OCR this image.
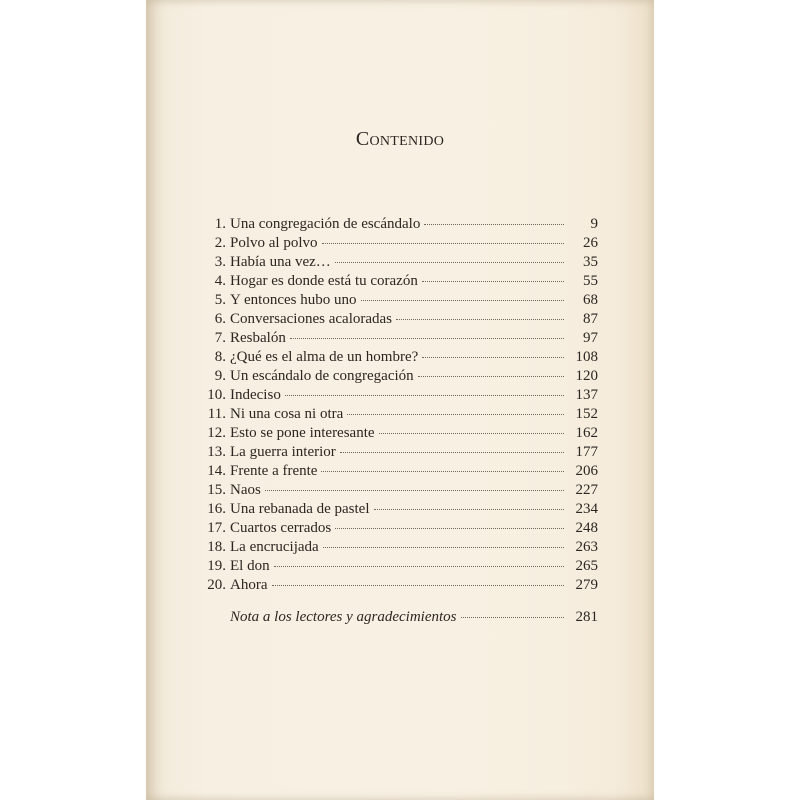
Contenido
1. Una congregación de escándalo	9
2. Polvo al polvo	26
3. Había una vez…	35
4. Hogar es donde está tu corazón	55
5. Y entonces hubo uno	68
6. Conversaciones acaloradas	87
7. Resbalón	97
8. ¿Qué es el alma de un hombre?	108
9. Un escándalo de congregación	120
10. Indeciso	137
11. Ni una cosa ni otra	152
12. Esto se pone interesante	162
13. La guerra interior	177
14. Frente a frente	206
15. Naos	227
16. Una rebanada de pastel	234
17. Cuartos cerrados	248
18. La encrucijada	263
19. El don	265
20. Ahora	279
Nota a los lectores y agradecimientos	281
